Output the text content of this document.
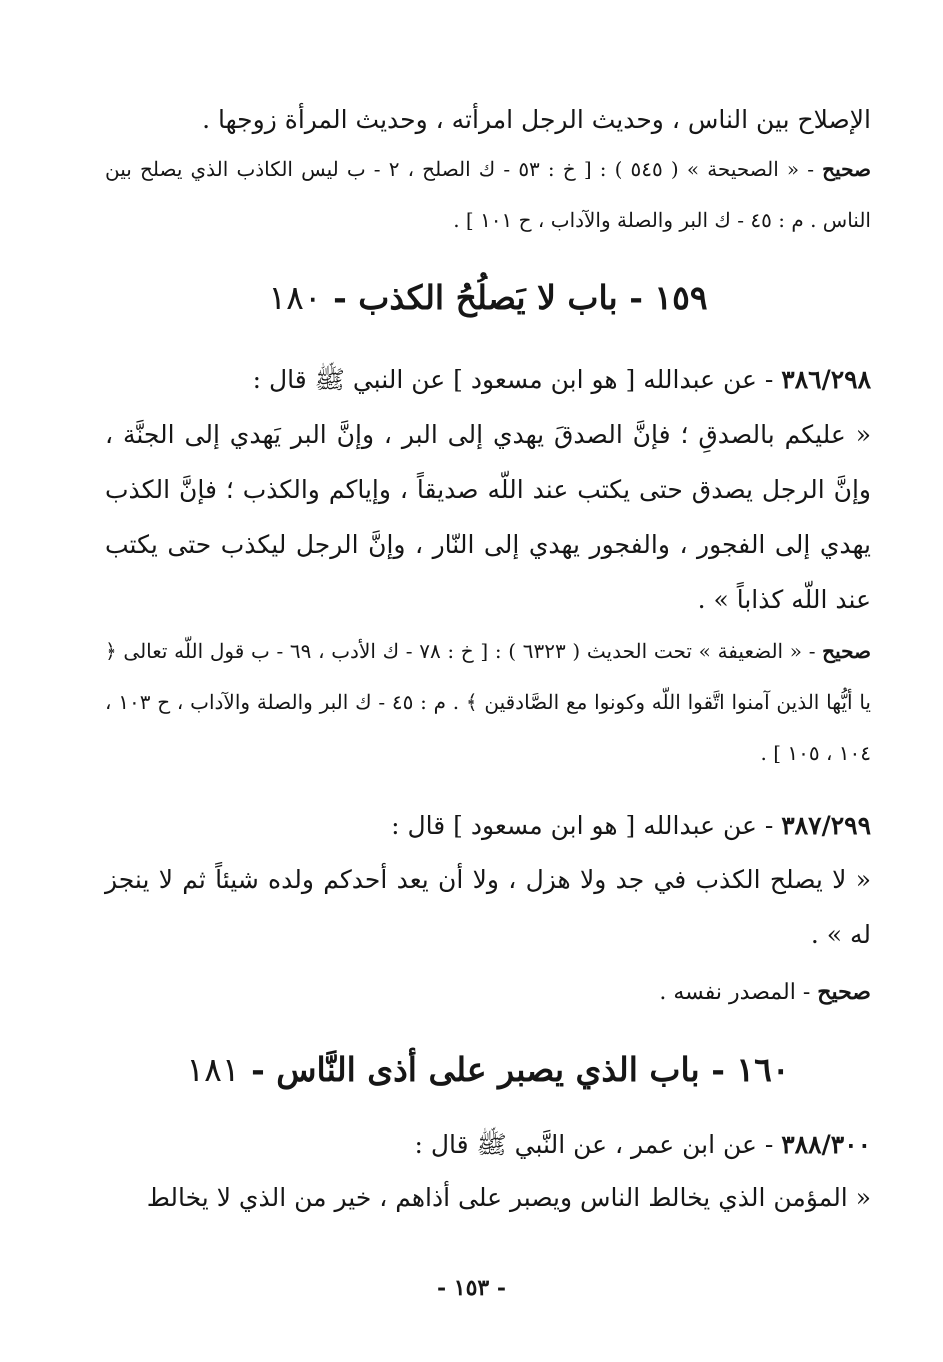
الإصلاح بين الناس ، وحديث الرجل امرأته ، وحديث المرأة زوجها .
صحيح - « الصحيحة » ( ٥٤٥ ) : [ خ : ٥٣ - ك الصلح ، ٢ - ب ليس الكاذب الذي يصلح بين الناس . م : ٤٥ - ك البر والصلة والآداب ، ح ١٠١ ] .
١٥٩ - باب لا يَصلُحُ الكذب - ١٨٠
٣٨٦/٢٩٨ - عن عبدالله [ هو ابن مسعود ] عن النبي ﷺ قال :
« عليكم بالصدقِ ؛ فإنَّ الصدقَ يهدي إلى البر ، وإنَّ البر يَهدي إلى الجنَّة ، وإنَّ الرجل يصدق حتى يكتب عند اللّه صديقاً ، وإياكم والكذب ؛ فإنَّ الكذب يهدي إلى الفجور ، والفجور يهدي إلى النّار ، وإنَّ الرجل ليكذب حتى يكتب عند اللّه كذاباً » .
صحيح - « الضعيفة » تحت الحديث ( ٦٣٢٣ ) : [ خ : ٧٨ - ك الأدب ، ٦٩ - ب قول اللّه تعالى ﴿ يا أيُّها الذين آمنوا اتَّقوا اللّه وكونوا مع الصَّادقين ﴾ . م : ٤٥ - ك البر والصلة والآداب ، ح ١٠٣ ، ١٠٤ ، ١٠٥ ] .
٣٨٧/٢٩٩ - عن عبدالله [ هو ابن مسعود ] قال :
« لا يصلح الكذب في جد ولا هزل ، ولا أن يعد أحدكم ولده شيئاً ثم لا ينجز له » .
صحيح - المصدر نفسه .
١٦٠ - باب الذي يصبر على أذى النَّاس - ١٨١
٣٨٨/٣٠٠ - عن ابن عمر ، عن النَّبي ﷺ قال :
« المؤمن الذي يخالط الناس ويصبر على أذاهم ، خير من الذي لا يخالط
- ١٥٣ -
